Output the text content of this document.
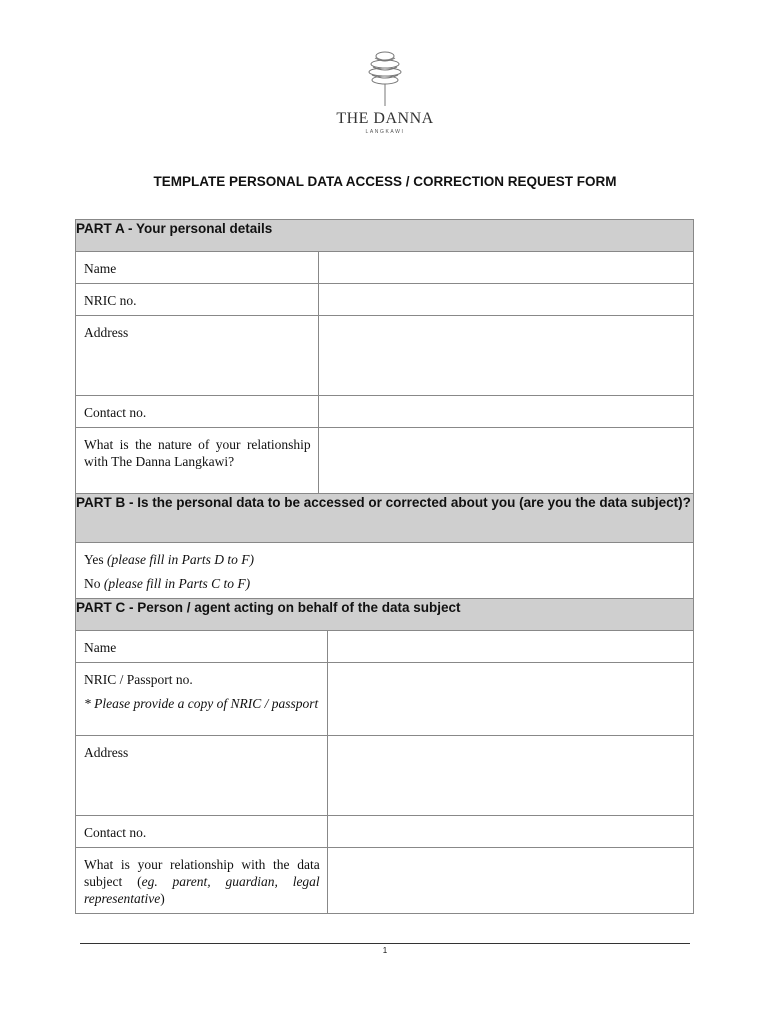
THE DANNA
LANGKAWI
TEMPLATE PERSONAL DATA ACCESS / CORRECTION REQUEST FORM
PART A - Your personal details	
Name	
NRIC no.	
Address	
Contact no.	
What is the nature of your relationship with The Danna Langkawi?	
PART B - Is the personal data to be accessed or corrected about you (are you the data subject)?	

Yes (please fill in Parts D to F)

No (please fill in Parts C to F)	

PART C - Person / agent acting on behalf of the data subject	
Name	

NRIC / Passport no.
* Please provide a copy of NRIC / passport	

Address	
Contact no.	
What is your relationship with the data subject (eg. parent, guardian, legal representative)	
1
